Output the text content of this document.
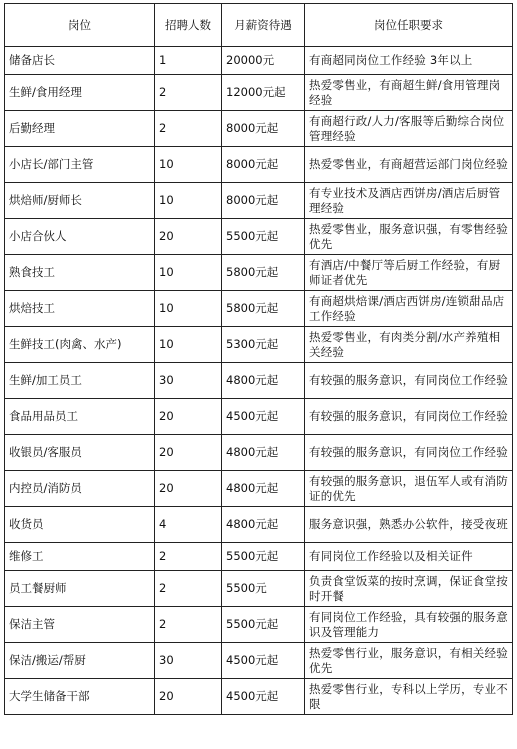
岗位	招聘人数	月薪资待遇	岗位任职要求
储备店长	1	20000元	有商超同岗位工作经验 3年以上
生鲜/食用经理	2	12000元起	热爱零售业，有商超生鲜/食用管理岗经验
后勤经理	2	8000元起	有商超行政/人力/客服等后勤综合岗位管理经验
小店长/部门主管	10	8000元起	热爱零售业，有商超营运部门岗位经验
烘焙师/厨师长	10	8000元起	有专业技术及酒店西饼房/酒店后厨管理经验
小店合伙人	20	5500元起	热爱零售业，服务意识强，有零售经验优先
熟食技工	10	5800元起	有酒店/中餐厅等后厨工作经验，有厨师证者优先
烘焙技工	10	5800元起	有商超烘焙课/酒店西饼房/连锁甜品店工作经验
生鲜技工(肉禽、水产)	10	5300元起	热爱零售业，有肉类分割/水产养殖相关经验
生鲜/加工员工	30	4800元起	有较强的服务意识，有同岗位工作经验
食品用品员工	20	4500元起	有较强的服务意识，有同岗位工作经验
收银员/客服员	20	4800元起	有较强的服务意识，有同岗位工作经验
内控员/消防员	20	4800元起	有较强的服务意识，退伍军人或有消防证的优先
收货员	4	4800元起	服务意识强，熟悉办公软件，接受夜班
维修工	2	5500元起	有同岗位工作经验以及相关证件
员工餐厨师	2	5500元	负责食堂饭菜的按时烹调，保证食堂按时开餐
保洁主管	2	5500元起	有同岗位工作经验，具有较强的服务意识及管理能力
保洁/搬运/帮厨	30	4500元起	热爱零售行业，服务意识，有相关经验优先
大学生储备干部	20	4500元起	热爱零售行业，专科以上学历，专业不限
